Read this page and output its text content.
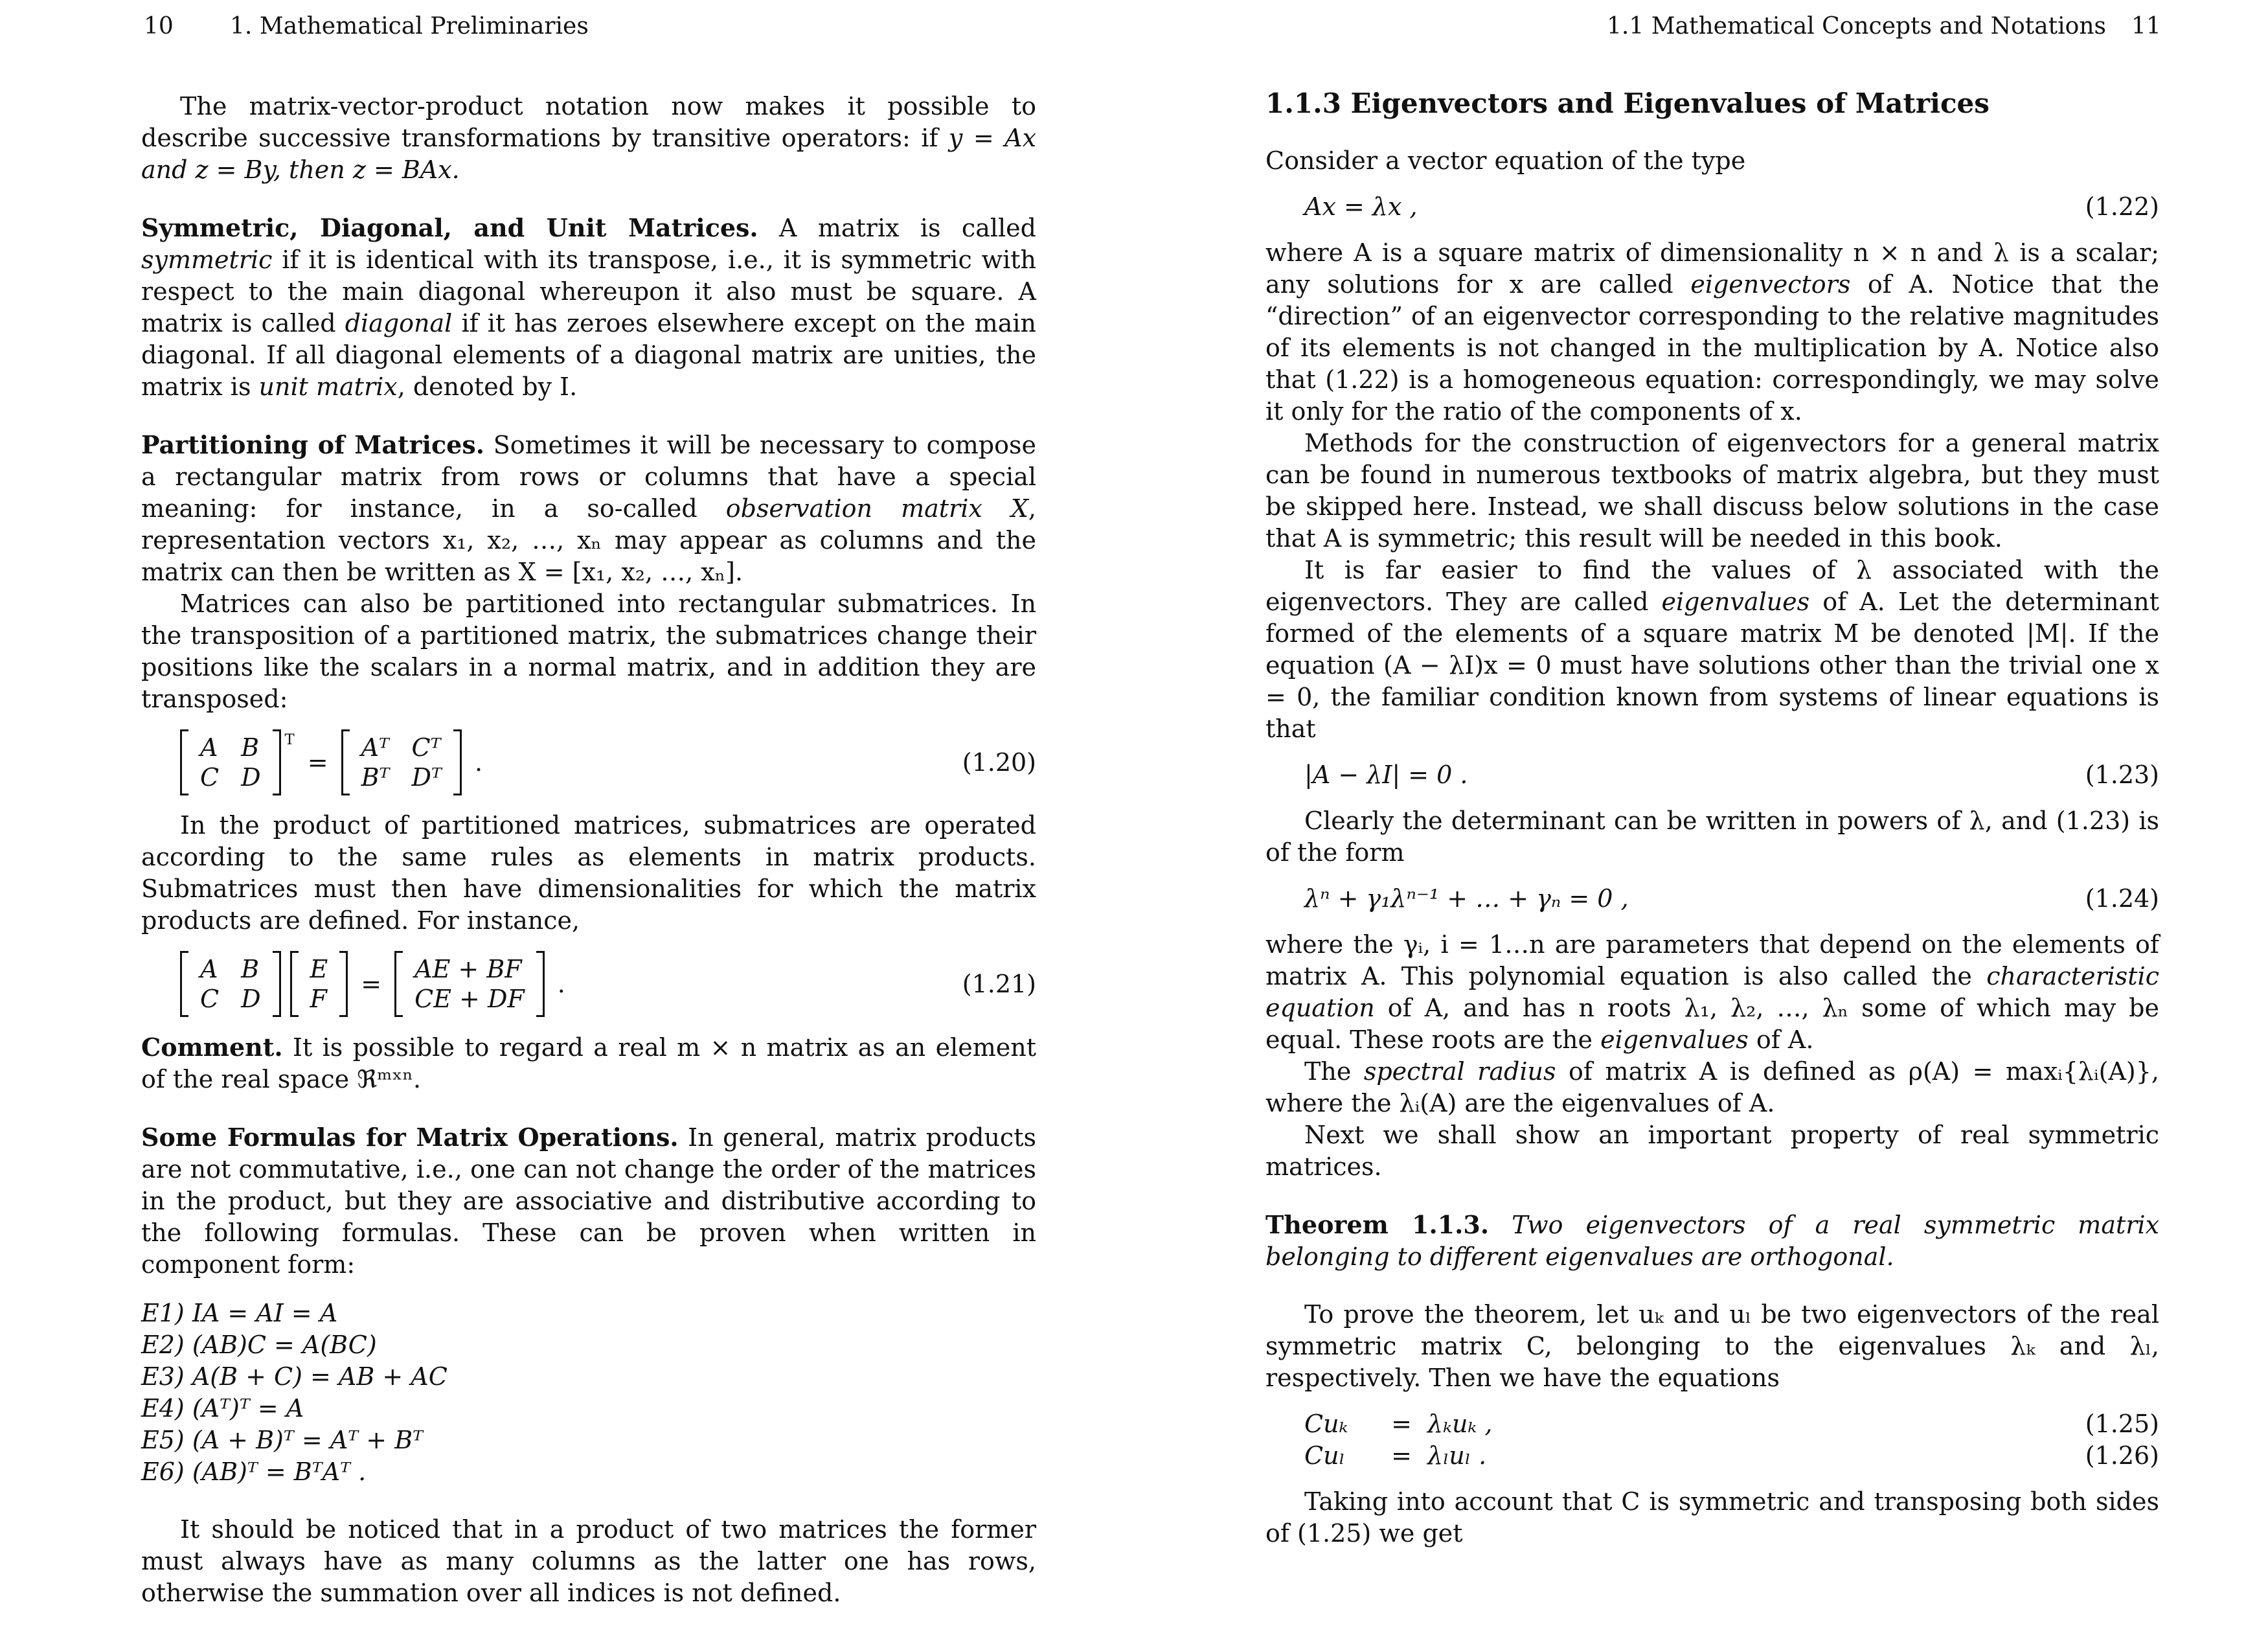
10 1. Mathematical Preliminaries

The matrix-vector-product notation now makes it possible to describe successive transformations by transitive operators: if y = Ax and z = By, then z = BAx.

Symmetric, Diagonal, and Unit Matrices. A matrix is called symmetric if it is identical with its transpose, i.e., it is symmetric with respect to the main diagonal whereupon it also must be square. A matrix is called diagonal if it has zeroes elsewhere except on the main diagonal. If all diagonal elements of a diagonal matrix are unities, the matrix is unit matrix, denoted by I.

Partitioning of Matrices. Sometimes it will be necessary to compose a rectangular matrix from rows or columns that have a special meaning: for instance, in a so-called observation matrix X, representation vectors x₁, x₂, …, xₙ may appear as columns and the matrix can then be written as X = [x₁, x₂, …, xₙ].

Matrices can also be partitioned into rectangular submatrices. In the transposition of a partitioned matrix, the submatrices change their positions like the scalars in a normal matrix, and in addition they are transposed:

A B
C D
T
=
Aᵀ Cᵀ
Bᵀ Dᵀ
.	(1.20)

In the product of partitioned matrices, submatrices are operated according to the same rules as elements in matrix products. Submatrices must then have dimensionalities for which the matrix products are defined. For instance,

A B
C D
E
F
=
AE + BF
CE + DF
.	(1.21)

Comment. It is possible to regard a real m × n matrix as an element of the real space ℜᵐˣⁿ.

Some Formulas for Matrix Operations. In general, matrix products are not commutative, i.e., one can not change the order of the matrices in the product, but they are associative and distributive according to the following formulas. These can be proven when written in component form:

E1) IA = AI = A
E2) (AB)C = A(BC)
E3) A(B + C) = AB + AC
E4) (Aᵀ)ᵀ = A
E5) (A + B)ᵀ = Aᵀ + Bᵀ
E6) (AB)ᵀ = BᵀAᵀ .

It should be noticed that in a product of two matrices the former must always have as many columns as the latter one has rows, otherwise the summation over all indices is not defined.

1.1 Mathematical Concepts and Notations 11

1.1.3 Eigenvectors and Eigenvalues of Matrices

Consider a vector equation of the type

Ax = λx ,	(1.22)

where A is a square matrix of dimensionality n × n and λ is a scalar; any solutions for x are called eigenvectors of A. Notice that the “direction” of an eigenvector corresponding to the relative magnitudes of its elements is not changed in the multiplication by A. Notice also that (1.22) is a homogeneous equation: correspondingly, we may solve it only for the ratio of the components of x.

Methods for the construction of eigenvectors for a general matrix can be found in numerous textbooks of matrix algebra, but they must be skipped here. Instead, we shall discuss below solutions in the case that A is symmetric; this result will be needed in this book.

It is far easier to find the values of λ associated with the eigenvectors. They are called eigenvalues of A. Let the determinant formed of the elements of a square matrix M be denoted |M|. If the equation (A − λI)x = 0 must have solutions other than the trivial one x = 0, the familiar condition known from systems of linear equations is that

|A − λI| = 0 .	(1.23)

Clearly the determinant can be written in powers of λ, and (1.23) is of the form

λⁿ + γ₁λⁿ⁻¹ + … + γₙ = 0 ,	(1.24)

where the γᵢ, i = 1…n are parameters that depend on the elements of matrix A. This polynomial equation is also called the characteristic equation of A, and has n roots λ₁, λ₂, …, λₙ some of which may be equal. These roots are the eigenvalues of A.

The spectral radius of matrix A is defined as ρ(A) = maxᵢ{λᵢ(A)}, where the λᵢ(A) are the eigenvalues of A.

Next we shall show an important property of real symmetric matrices.

Theorem 1.1.3. Two eigenvectors of a real symmetric matrix belonging to different eigenvalues are orthogonal.

To prove the theorem, let uₖ and uₗ be two eigenvectors of the real symmetric matrix C, belonging to the eigenvalues λₖ and λₗ, respectively. Then we have the equations

Cuₖ	= λₖuₖ ,	(1.25)
Cuₗ	= λₗuₗ .	(1.26)

Taking into account that C is symmetric and transposing both sides of (1.25) we get
